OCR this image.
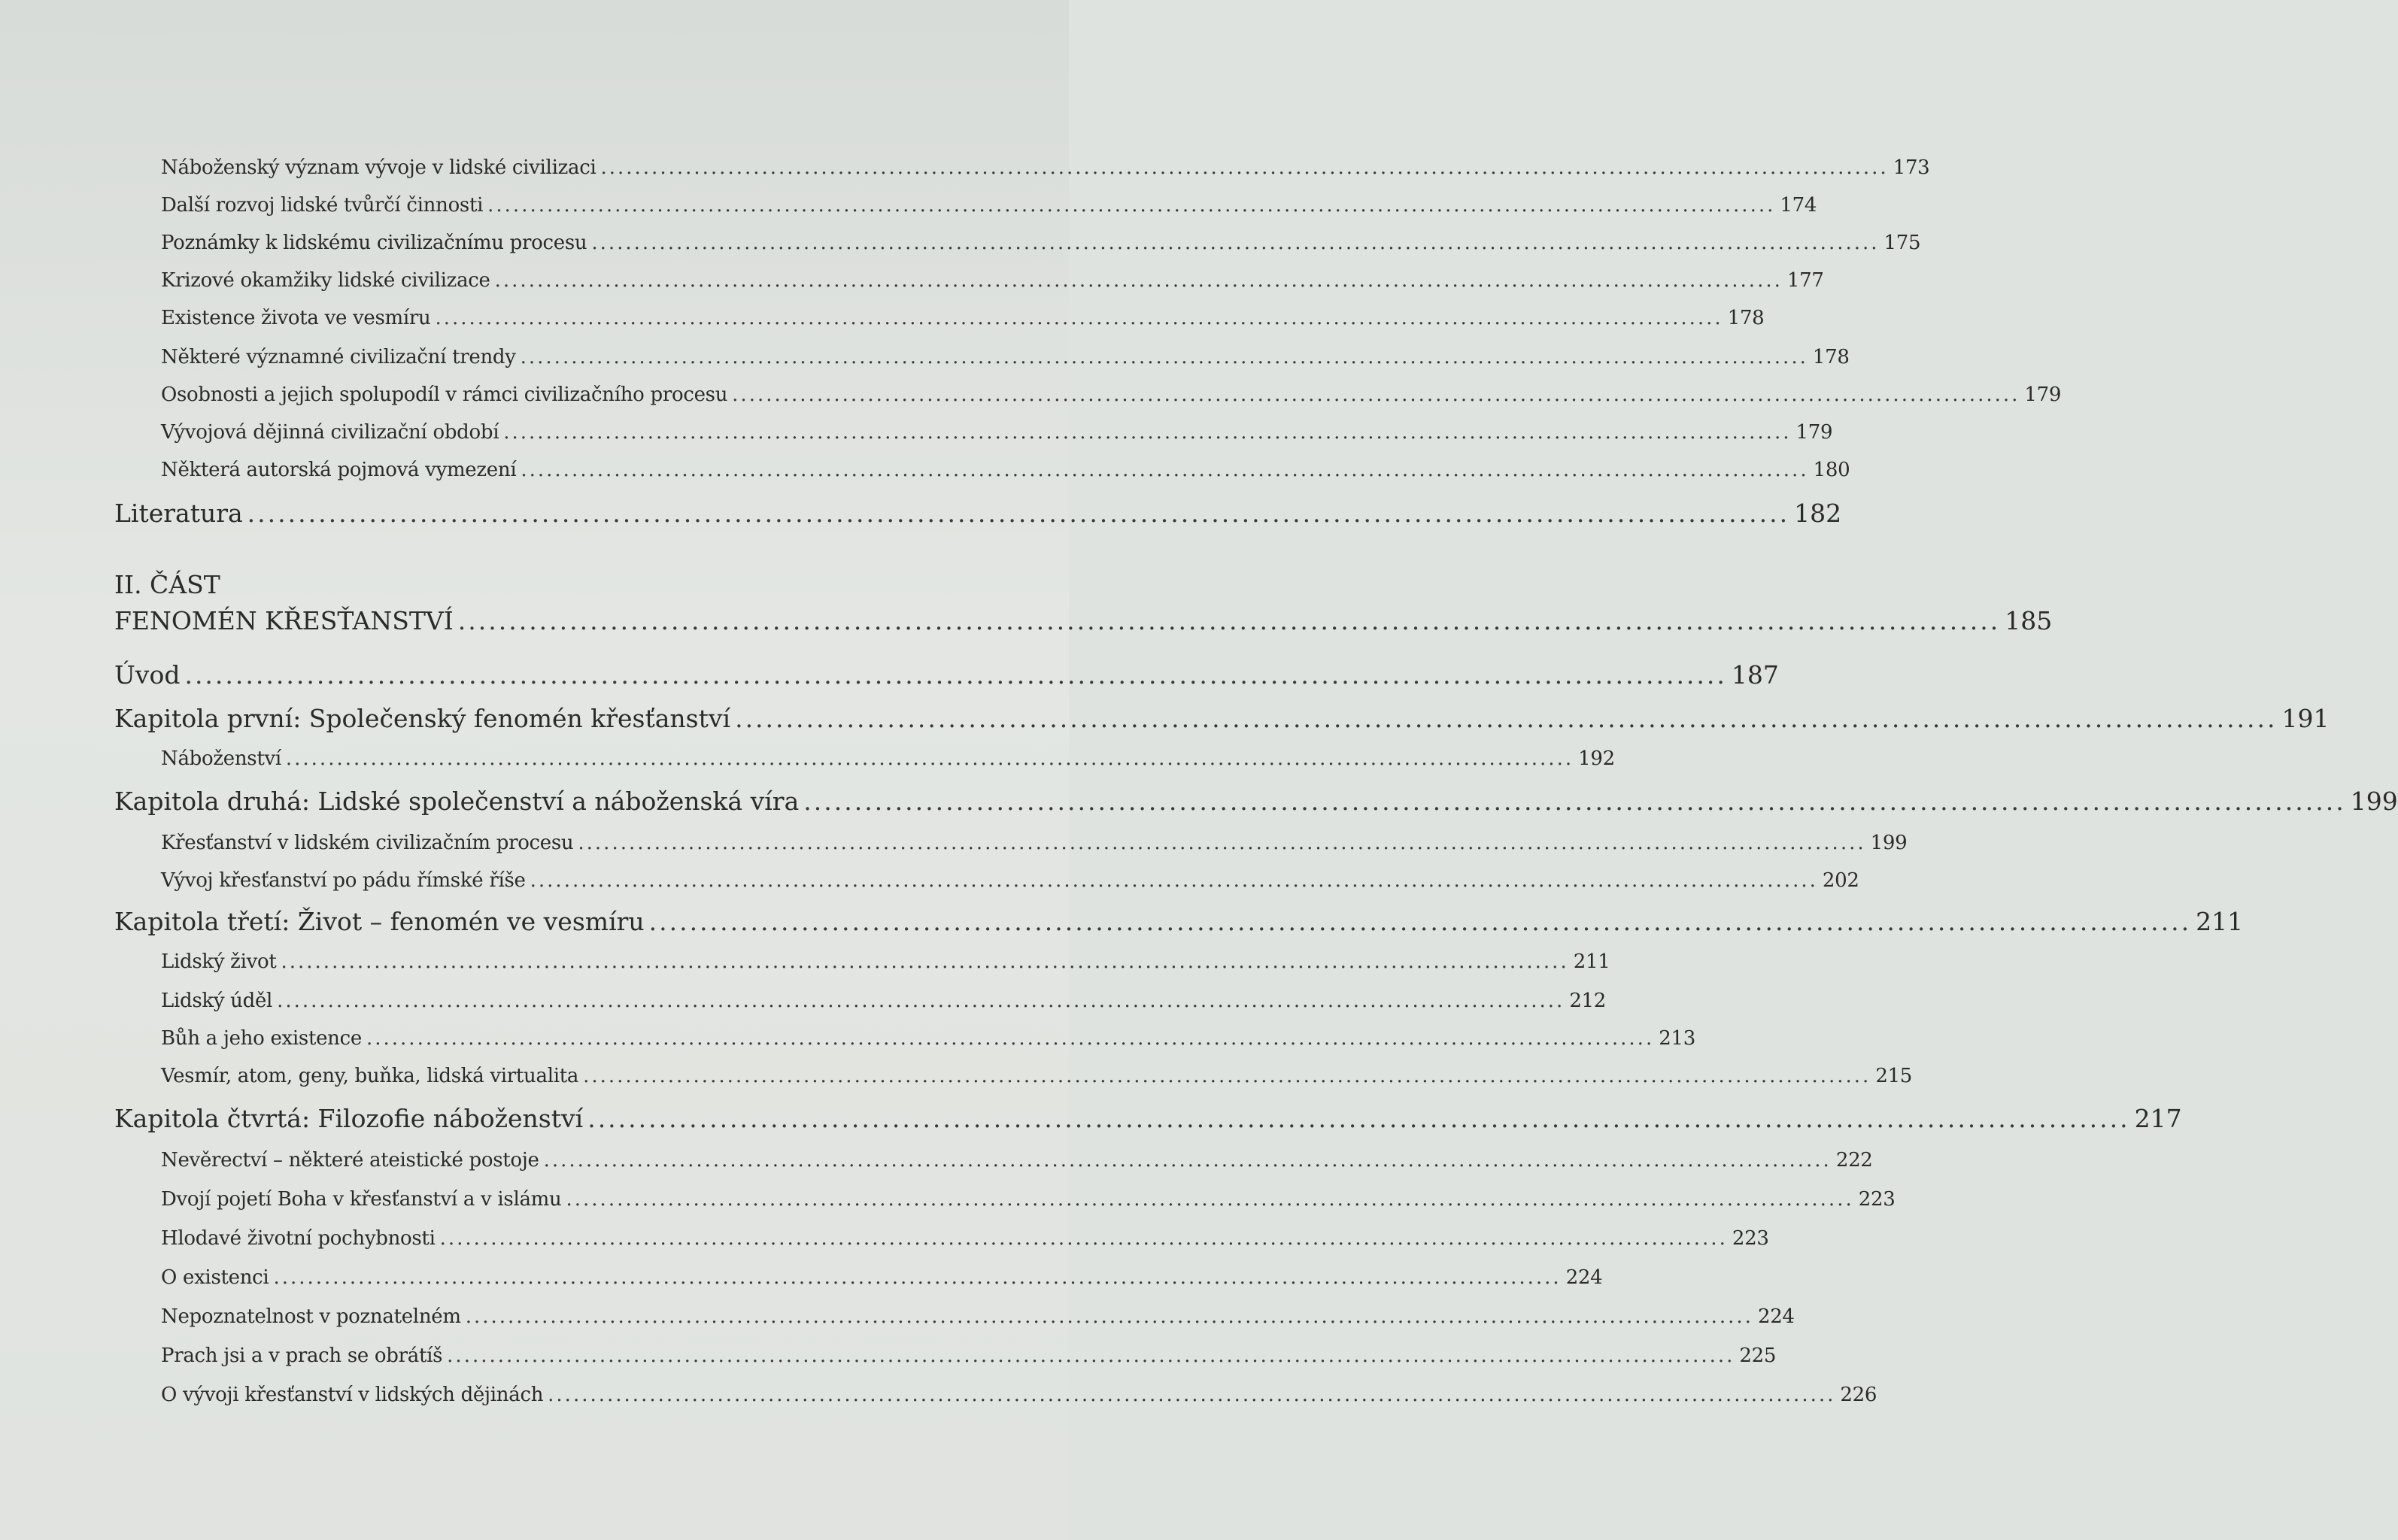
Náboženský význam vývoje v lidské civilizaci ........................................................................................................................................................ 173
Další rozvoj lidské tvůrčí činnosti ........................................................................................................................................................ 174
Poznámky k lidskému civilizačnímu procesu ........................................................................................................................................................ 175
Krizové okamžiky lidské civilizace ........................................................................................................................................................ 177
Existence života ve vesmíru ........................................................................................................................................................ 178
Některé významné civilizační trendy ........................................................................................................................................................ 178
Osobnosti a jejich spolupodíl v rámci civilizačního procesu ........................................................................................................................................................ 179
Vývojová dějinná civilizační období ........................................................................................................................................................ 179
Některá autorská pojmová vymezení ........................................................................................................................................................ 180
Literatura ........................................................................................................................................................ 182
II. ČÁST
FENOMÉN KŘESŤANSTVÍ ........................................................................................................................................................ 185
Úvod ........................................................................................................................................................ 187
Kapitola první: Společenský fenomén křesťanství ........................................................................................................................................................ 191
Náboženství ........................................................................................................................................................ 192
Kapitola druhá: Lidské společenství a náboženská víra ........................................................................................................................................................ 199
Křesťanství v lidském civilizačním procesu ........................................................................................................................................................ 199
Vývoj křesťanství po pádu římské říše ........................................................................................................................................................ 202
Kapitola třetí: Život – fenomén ve vesmíru ........................................................................................................................................................ 211
Lidský život ........................................................................................................................................................ 211
Lidský úděl ........................................................................................................................................................ 212
Bůh a jeho existence ........................................................................................................................................................ 213
Vesmír, atom, geny, buňka, lidská virtualita ........................................................................................................................................................ 215
Kapitola čtvrtá: Filozofie náboženství ........................................................................................................................................................ 217
Nevěrectví – některé ateistické postoje ........................................................................................................................................................ 222
Dvojí pojetí Boha v křesťanství a v islámu ........................................................................................................................................................ 223
Hlodavé životní pochybnosti ........................................................................................................................................................ 223
O existenci ........................................................................................................................................................ 224
Nepoznatelnost v poznatelném ........................................................................................................................................................ 224
Prach jsi a v prach se obrátíš ........................................................................................................................................................ 225
O vývoji křesťanství v lidských dějinách ........................................................................................................................................................ 226
